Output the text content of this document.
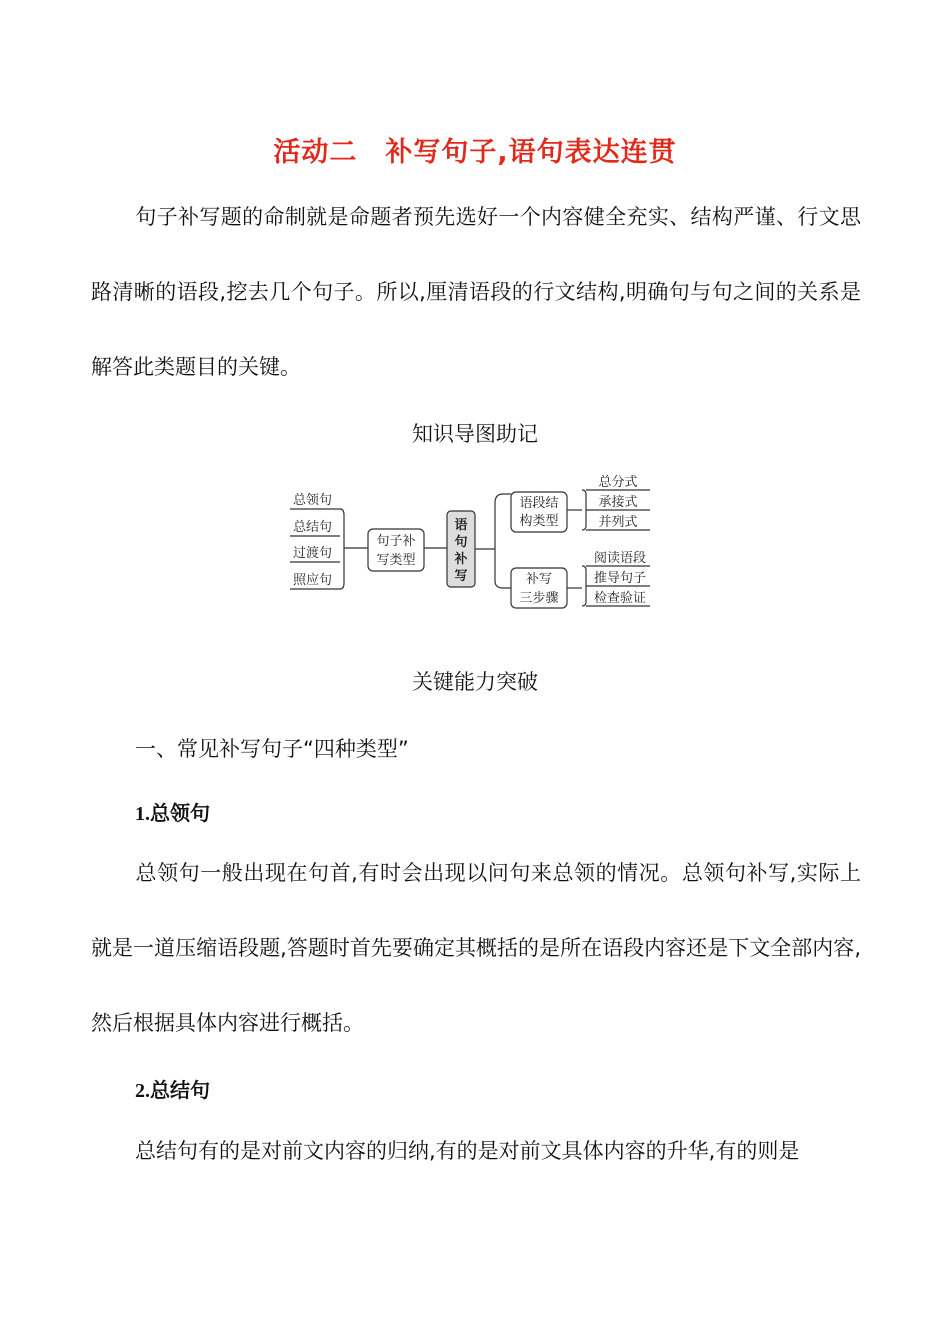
活动二　补写句子,语句表达连贯

句子补写题的命制就是命题者预先选好一个内容健全充实、结构严谨、行文思路清晰的语段,挖去几个句子。所以,厘清语段的行文结构,明确句与句之间的关系是解答此类题目的关键。

知识导图助记
总领句
总结句
过渡句
照应句
句子补
写类型
语
句
补
写
语段结
构类型
总分式
承接式
并列式
补写
三步骤
阅读语段
推导句子
检查验证
关键能力突破
一、常见补写句子“四种类型”
1.总领句

总领句一般出现在句首,有时会出现以问句来总领的情况。总领句补写,实际上就是一道压缩语段题,答题时首先要确定其概括的是所在语段内容还是下文全部内容,然后根据具体内容进行概括。

2.总结句

总结句有的是对前文内容的归纳,有的是对前文具体内容的升华,有的则是
